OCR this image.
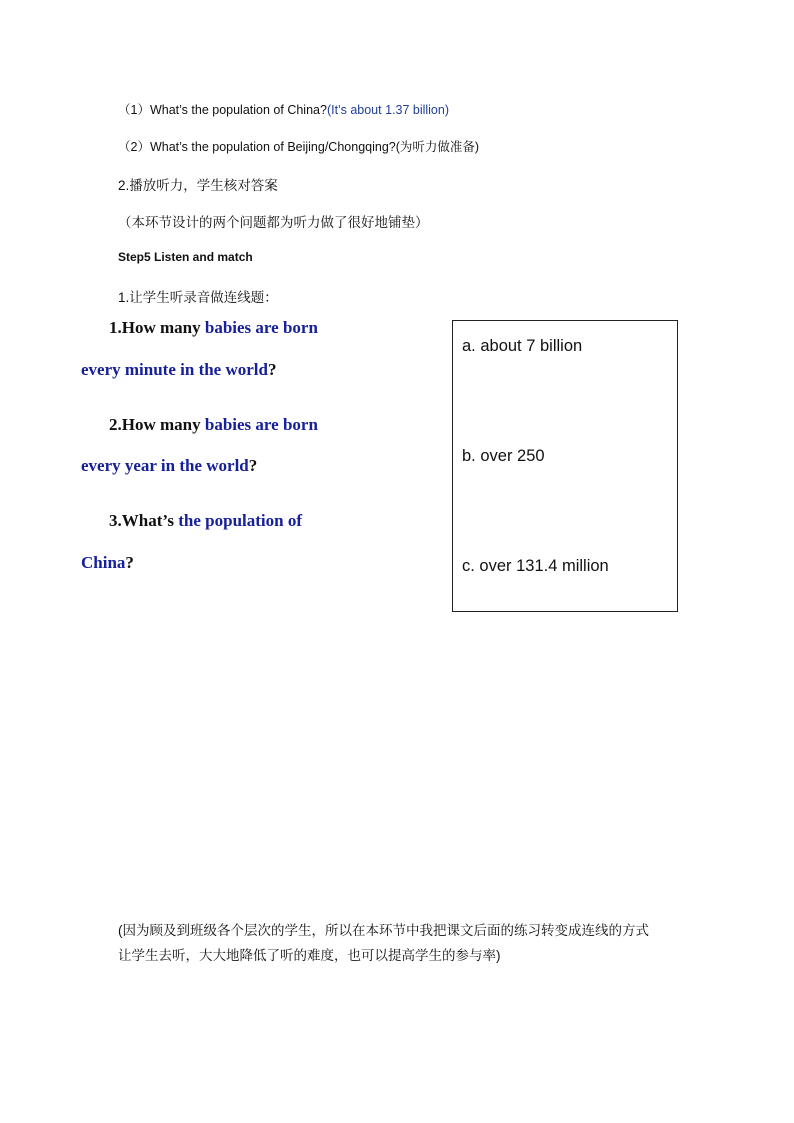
（1）What’s the population of China?(It’s about 1.37 billion)
（2）What’s the population of Beijing/Chongqing?(为听力做准备)
2.播放听力，学生核对答案
（本环节设计的两个问题都为听力做了很好地铺垫）
Step5 Listen and match
1.让学生听录音做连线题：
1.How many babies are born
every minute in the world?
2.How many babies are born
every year in the world?
3.What’s the population of
China?
a. about 7 billion
b. over 250
c. over 131.4 million
(因为顾及到班级各个层次的学生，所以在本环节中我把课文后面的练习转变成连线的方式
让学生去听，大大地降低了听的难度，也可以提高学生的参与率)
